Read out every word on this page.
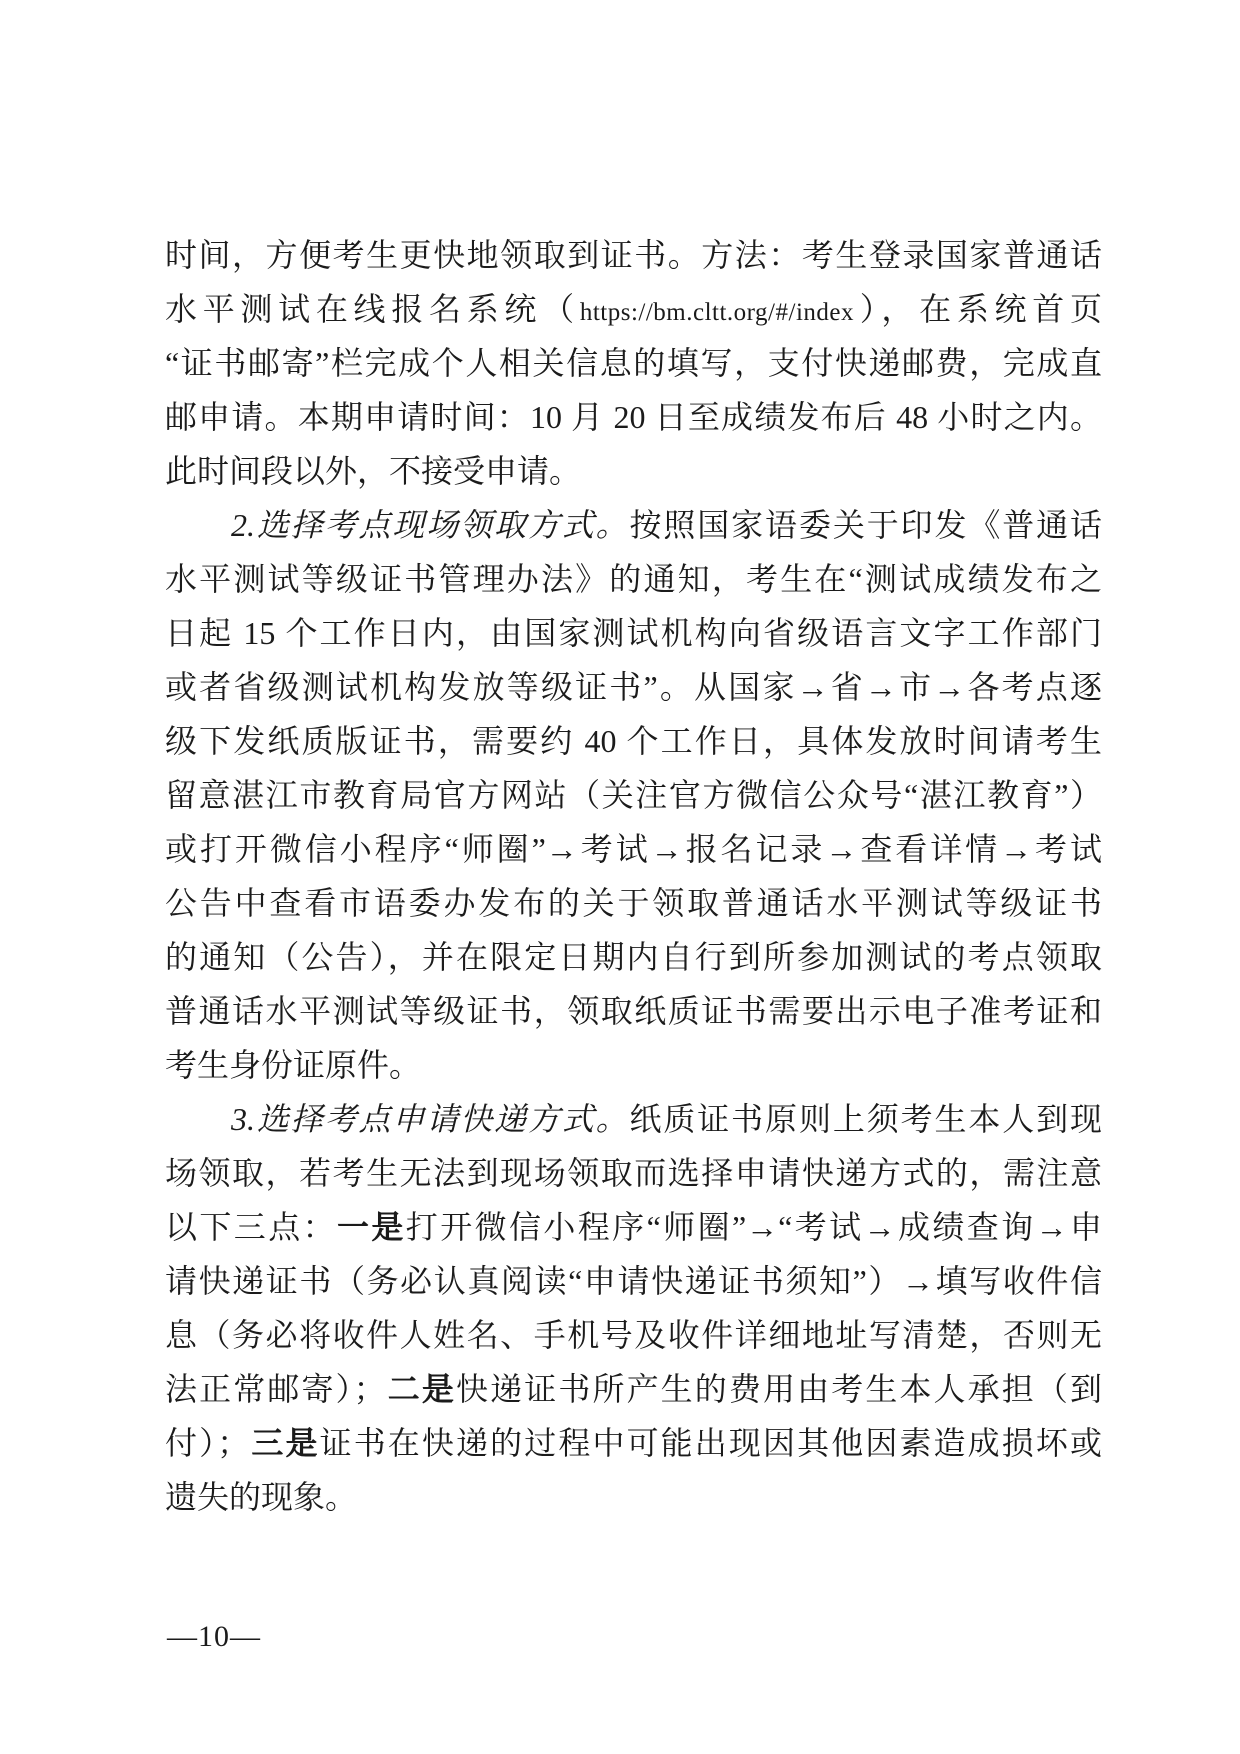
时间，方便考生更快地领取到证书。方法：考生登录国家普通话
水平测试在线报名系统（https://bm.cltt.org/#/index），在系统首页
“证书邮寄”栏完成个人相关信息的填写，支付快递邮费，完成直
邮申请。本期申请时间：10 月 20 日至成绩发布后 48 小时之内。
此时间段以外，不接受申请。
2.选择考点现场领取方式。按照国家语委关于印发《普通话
水平测试等级证书管理办法》的通知，考生在“测试成绩发布之
日起 15 个工作日内，由国家测试机构向省级语言文字工作部门
或者省级测试机构发放等级证书”。从国家→省→市→各考点逐
级下发纸质版证书，需要约 40 个工作日，具体发放时间请考生
留意湛江市教育局官方网站（关注官方微信公众号“湛江教育”）
或打开微信小程序“师圈”→考试→报名记录→查看详情→考试
公告中查看市语委办发布的关于领取普通话水平测试等级证书
的通知（公告），并在限定日期内自行到所参加测试的考点领取
普通话水平测试等级证书，领取纸质证书需要出示电子准考证和
考生身份证原件。
3.选择考点申请快递方式。纸质证书原则上须考生本人到现
场领取，若考生无法到现场领取而选择申请快递方式的，需注意
以下三点：一是打开微信小程序“师圈”→“考试→成绩查询→申
请快递证书（务必认真阅读“申请快递证书须知”）→填写收件信
息（务必将收件人姓名、手机号及收件详细地址写清楚，否则无
法正常邮寄）；二是快递证书所产生的费用由考生本人承担（到
付）；三是证书在快递的过程中可能出现因其他因素造成损坏或
遗失的现象。
—10—
